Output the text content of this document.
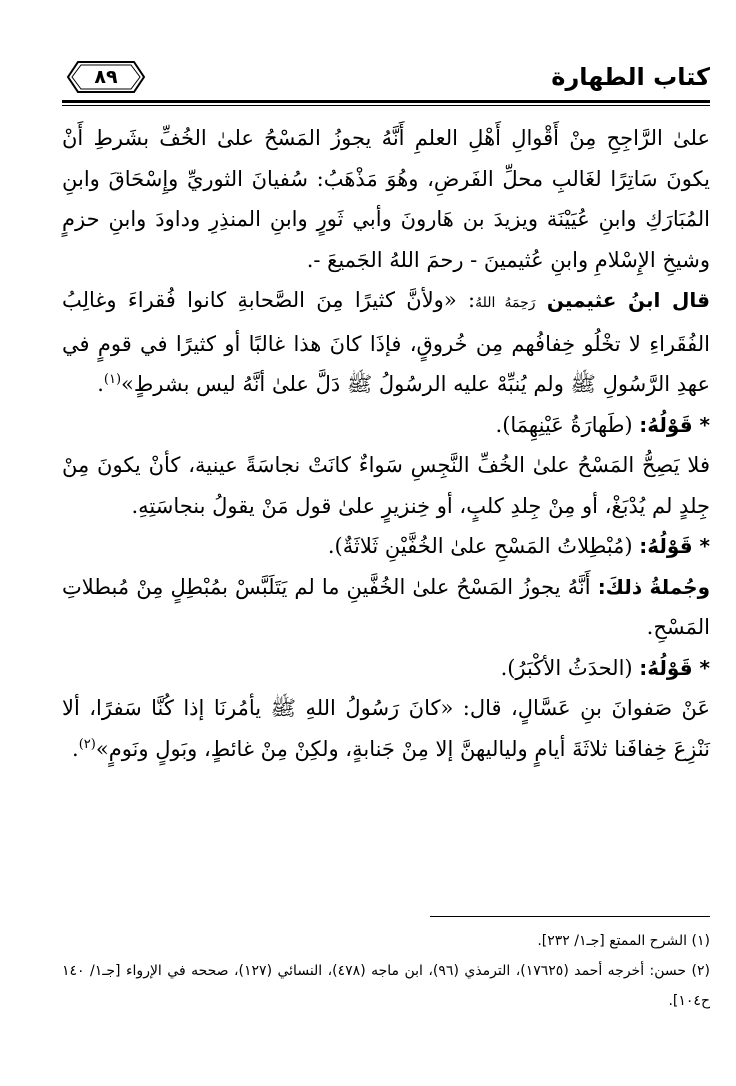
كتاب الطهارة
٨٩

علىٰ الرَّاجِحِ مِنْ أَقْوالِ أَهْلِ العلمِ أَنَّهُ يجوزُ المَسْحُ علىٰ الخُفِّ بشَرطِ أَنْ يكونَ سَاتِرًا لغَالبِ محلِّ الفَرضِ، وهُوَ مَذْهَبُ: سُفيانَ الثوريِّ وإِسْحَاقَ وابنِ المُبَارَكِ وابنِ عُيَيْنَة ويزيدَ بن هَارونَ وأبي ثَورٍ وابنِ المنذِرِ وداودَ وابنِ حزمٍ وشيخِ الإِسْلامِ وابنِ عُثيمينَ - رحمَ اللهُ الجَميعَ -.

قال ابنُ عثيمين رَحِمَهُ اللهُ: «ولأنَّ كثيرًا مِنَ الصَّحابةِ كانوا فُقراءَ وغالِبُ الفُقَراءِ لا تخْلُو خِفافُهم مِن خُروقٍ، فإذَا كانَ هذا غالبًا أو كثيرًا في قومٍ في عهدِ الرَّسُولِ ﷺ ولم يُنبِّهْ عليه الرسُولُ ﷺ دَلَّ علىٰ أنَّهُ ليس بشرطٍ»$^{(١)}$.

* قَوْلُهُ: (طَهارَةُ عَيْنِهِمَا).

فلا يَصِحُّ المَسْحُ علىٰ الخُفِّ النَّجِسِ سَواءٌ كانَتْ نجاسَةً عينية، كأنْ يكونَ مِنْ جِلدٍ لم يُدْبَغْ، أو مِنْ جِلدِ كلبٍ، أو خِنزيرٍ علىٰ قول مَنْ يقولُ بنجاسَتِهِ.

* قَوْلُهُ: (مُبْطِلاتُ المَسْحِ علىٰ الخُفَّيْنِ ثَلاثَةٌ).

وجُملةُ ذلكَ: أَنَّهُ يجوزُ المَسْحُ علىٰ الخُفَّينِ ما لم يَتَلَبَّسْ بمُبْطِلٍ مِنْ مُبطلاتِ المَسْحِ.

* قَوْلُهُ: (الحدَثُ الأكْبَرُ).

عَنْ صَفوانَ بنِ عَسَّالٍ، قال: «كانَ رَسُولُ اللهِ ﷺ يأمُرنَا إذا كُنَّا سَفرًا، ألا نَنْزِعَ خِفافَنا ثلاثَةَ أيامٍ ولياليهنَّ إلا مِنْ جَنابةٍ، ولكِنْ مِنْ غائطٍ، وبَولٍ ونَومٍ»$^{(٢)}$.

(١) الشرح الممتع [جـ١/ ٢٣٢].

(٢) حسن: أخرجه أحمد (١٧٦٢٥)، الترمذي (٩٦)، ابن ماجه (٤٧٨)، النسائي (١٢٧)، صححه في الإرواء [جـ١/ ١٤٠ ح١٠٤].
